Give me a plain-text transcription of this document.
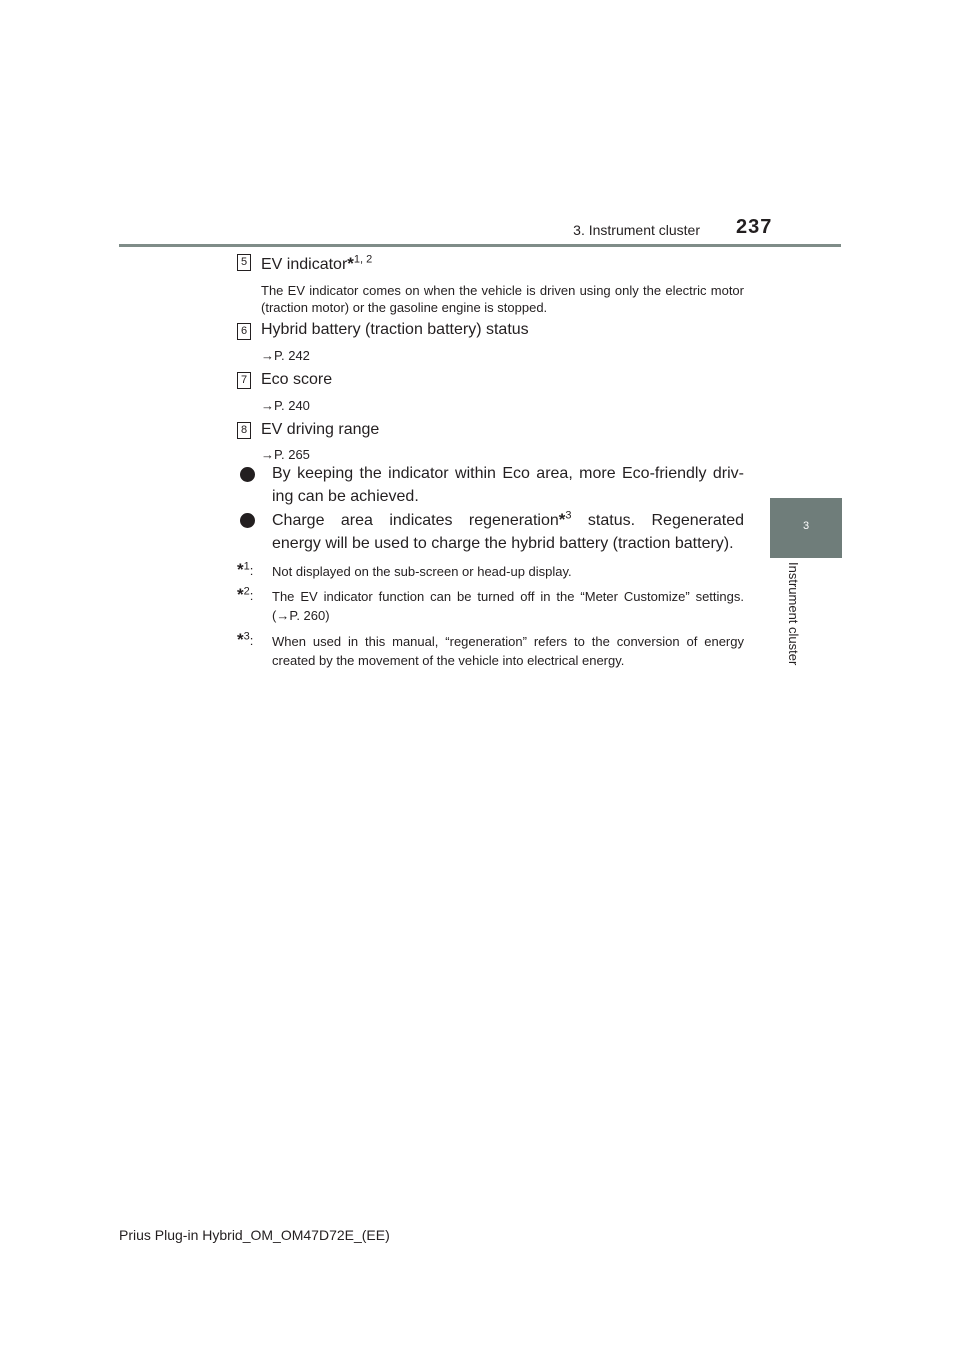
3. Instrument cluster 237
3
Instrument cluster
5 EV indicator*$^{1, 2}$
The EV indicator comes on when the vehicle is driven using only the electric motor (traction motor) or the gasoline engine is stopped.
6 Hybrid battery (traction battery) status
→P. 242
7 Eco score
→P. 240
8 EV driving range
→P. 265
By keeping the indicator within Eco area, more Eco-friendly driv-
ing can be achieved.
Charge area indicates regeneration*$^3$ status. Regenerated
energy will be used to charge the hybrid battery (traction battery).
*$^1$: Not displayed on the sub-screen or head-up display.
*$^2$: The EV indicator function can be turned off in the “Meter Customize” settings. (→P. 260)
*$^3$: When used in this manual, “regeneration” refers to the conversion of energy created by the movement of the vehicle into electrical energy.
Prius Plug-in Hybrid_OM_OM47D72E_(EE)
